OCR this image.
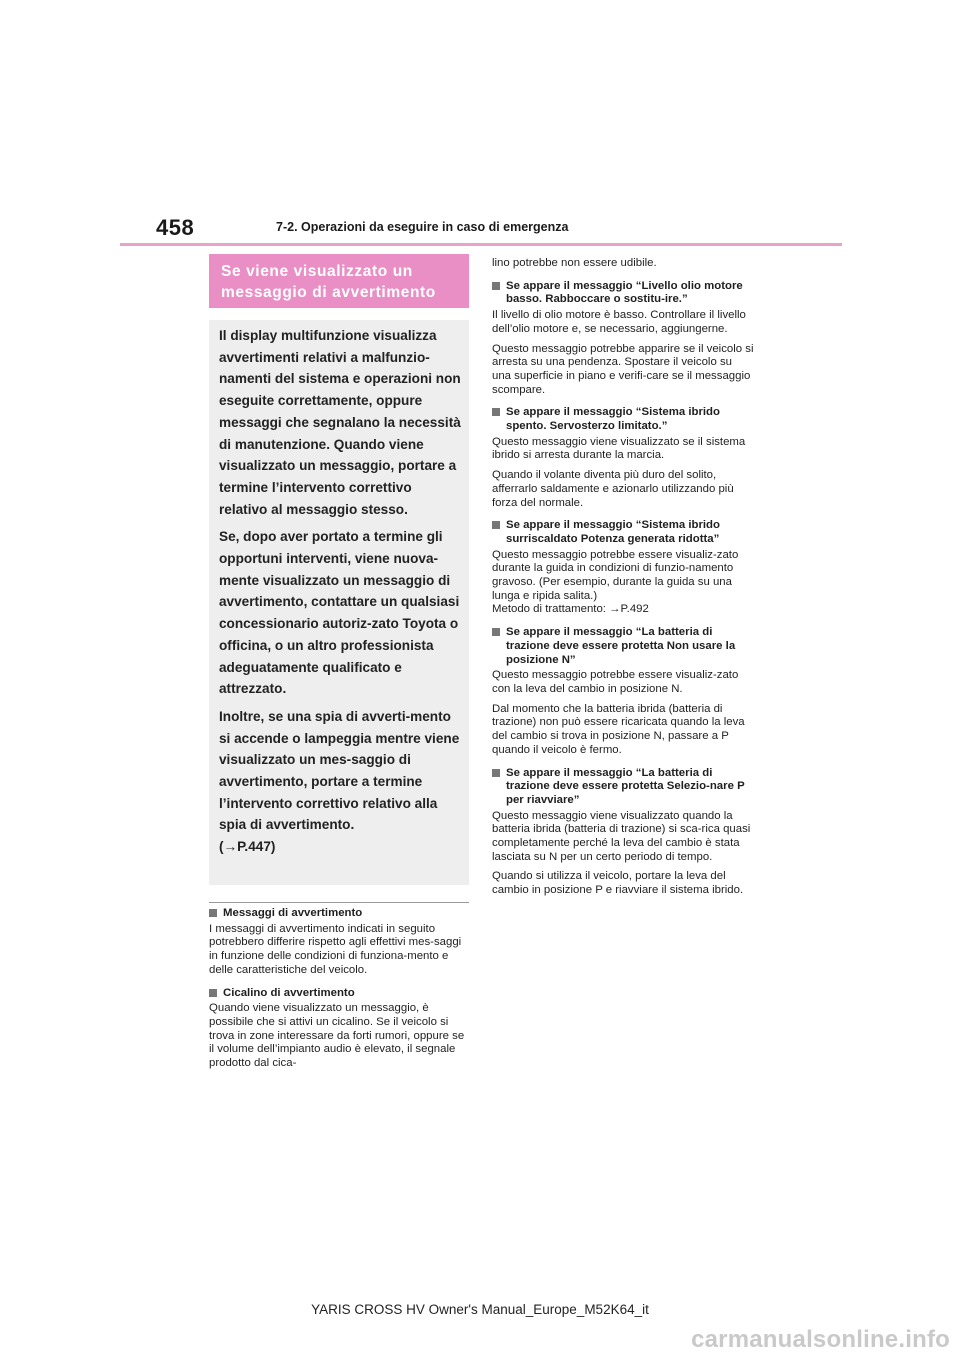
458	7-2. Operazioni da eseguire in caso di emergenza
Se viene visualizzato un messaggio di avvertimento

Il display multifunzione visualizza avvertimenti relativi a malfunzio-namenti del sistema e operazioni non eseguite correttamente, oppure messaggi che segnalano la necessità di manutenzione. Quando viene visualizzato un messaggio, portare a termine l’intervento correttivo relativo al messaggio stesso.

Se, dopo aver portato a termine gli opportuni interventi, viene nuova-mente visualizzato un messaggio di avvertimento, contattare un qualsiasi concessionario autoriz-zato Toyota o officina, o un altro professionista adeguatamente qualificato e attrezzato.

Inoltre, se una spia di avverti-mento si accende o lampeggia mentre viene visualizzato un mes-saggio di avvertimento, portare a termine l’intervento correttivo relativo alla spia di avvertimento.

(→P.447)

Messaggi di avvertimento

I messaggi di avvertimento indicati in seguito potrebbero differire rispetto agli effettivi mes-saggi in funzione delle condizioni di funziona-mento e delle caratteristiche del veicolo.

Cicalino di avvertimento

Quando viene visualizzato un messaggio, è possibile che si attivi un cicalino. Se il veicolo si trova in zone interessare da forti rumori, oppure se il volume dell’impianto audio è elevato, il segnale prodotto dal cica-

lino potrebbe non essere udibile.

Se appare il messaggio “Livello olio motore basso. Rabboccare o sostitu-ire.”

Il livello di olio motore è basso. Controllare il livello dell’olio motore e, se necessario, aggiungerne.

Questo messaggio potrebbe apparire se il veicolo si arresta su una pendenza. Spostare il veicolo su una superficie in piano e verifi-care se il messaggio scompare.

Se appare il messaggio “Sistema ibrido spento. Servosterzo limitato.”

Questo messaggio viene visualizzato se il sistema ibrido si arresta durante la marcia.

Quando il volante diventa più duro del solito, afferrarlo saldamente e azionarlo utilizzando più forza del normale.

Se appare il messaggio “Sistema ibrido surriscaldato Potenza generata ridotta”

Questo messaggio potrebbe essere visualiz-zato durante la guida in condizioni di funzio-namento gravoso. (Per esempio, durante la guida su una lunga e ripida salita.)

Metodo di trattamento: →P.492

Se appare il messaggio “La batteria di trazione deve essere protetta Non usare la posizione N”

Questo messaggio potrebbe essere visualiz-zato con la leva del cambio in posizione N.

Dal momento che la batteria ibrida (batteria di trazione) non può essere ricaricata quando la leva del cambio si trova in posizione N, passare a P quando il veicolo è fermo.

Se appare il messaggio “La batteria di trazione deve essere protetta Selezio-nare P per riavviare”

Questo messaggio viene visualizzato quando la batteria ibrida (batteria di trazione) si sca-rica quasi completamente perché la leva del cambio è stata lasciata su N per un certo periodo di tempo.

Quando si utilizza il veicolo, portare la leva del cambio in posizione P e riavviare il sistema ibrido.

YARIS CROSS HV Owner's Manual_Europe_M52K64_it
carmanualsonline.info
